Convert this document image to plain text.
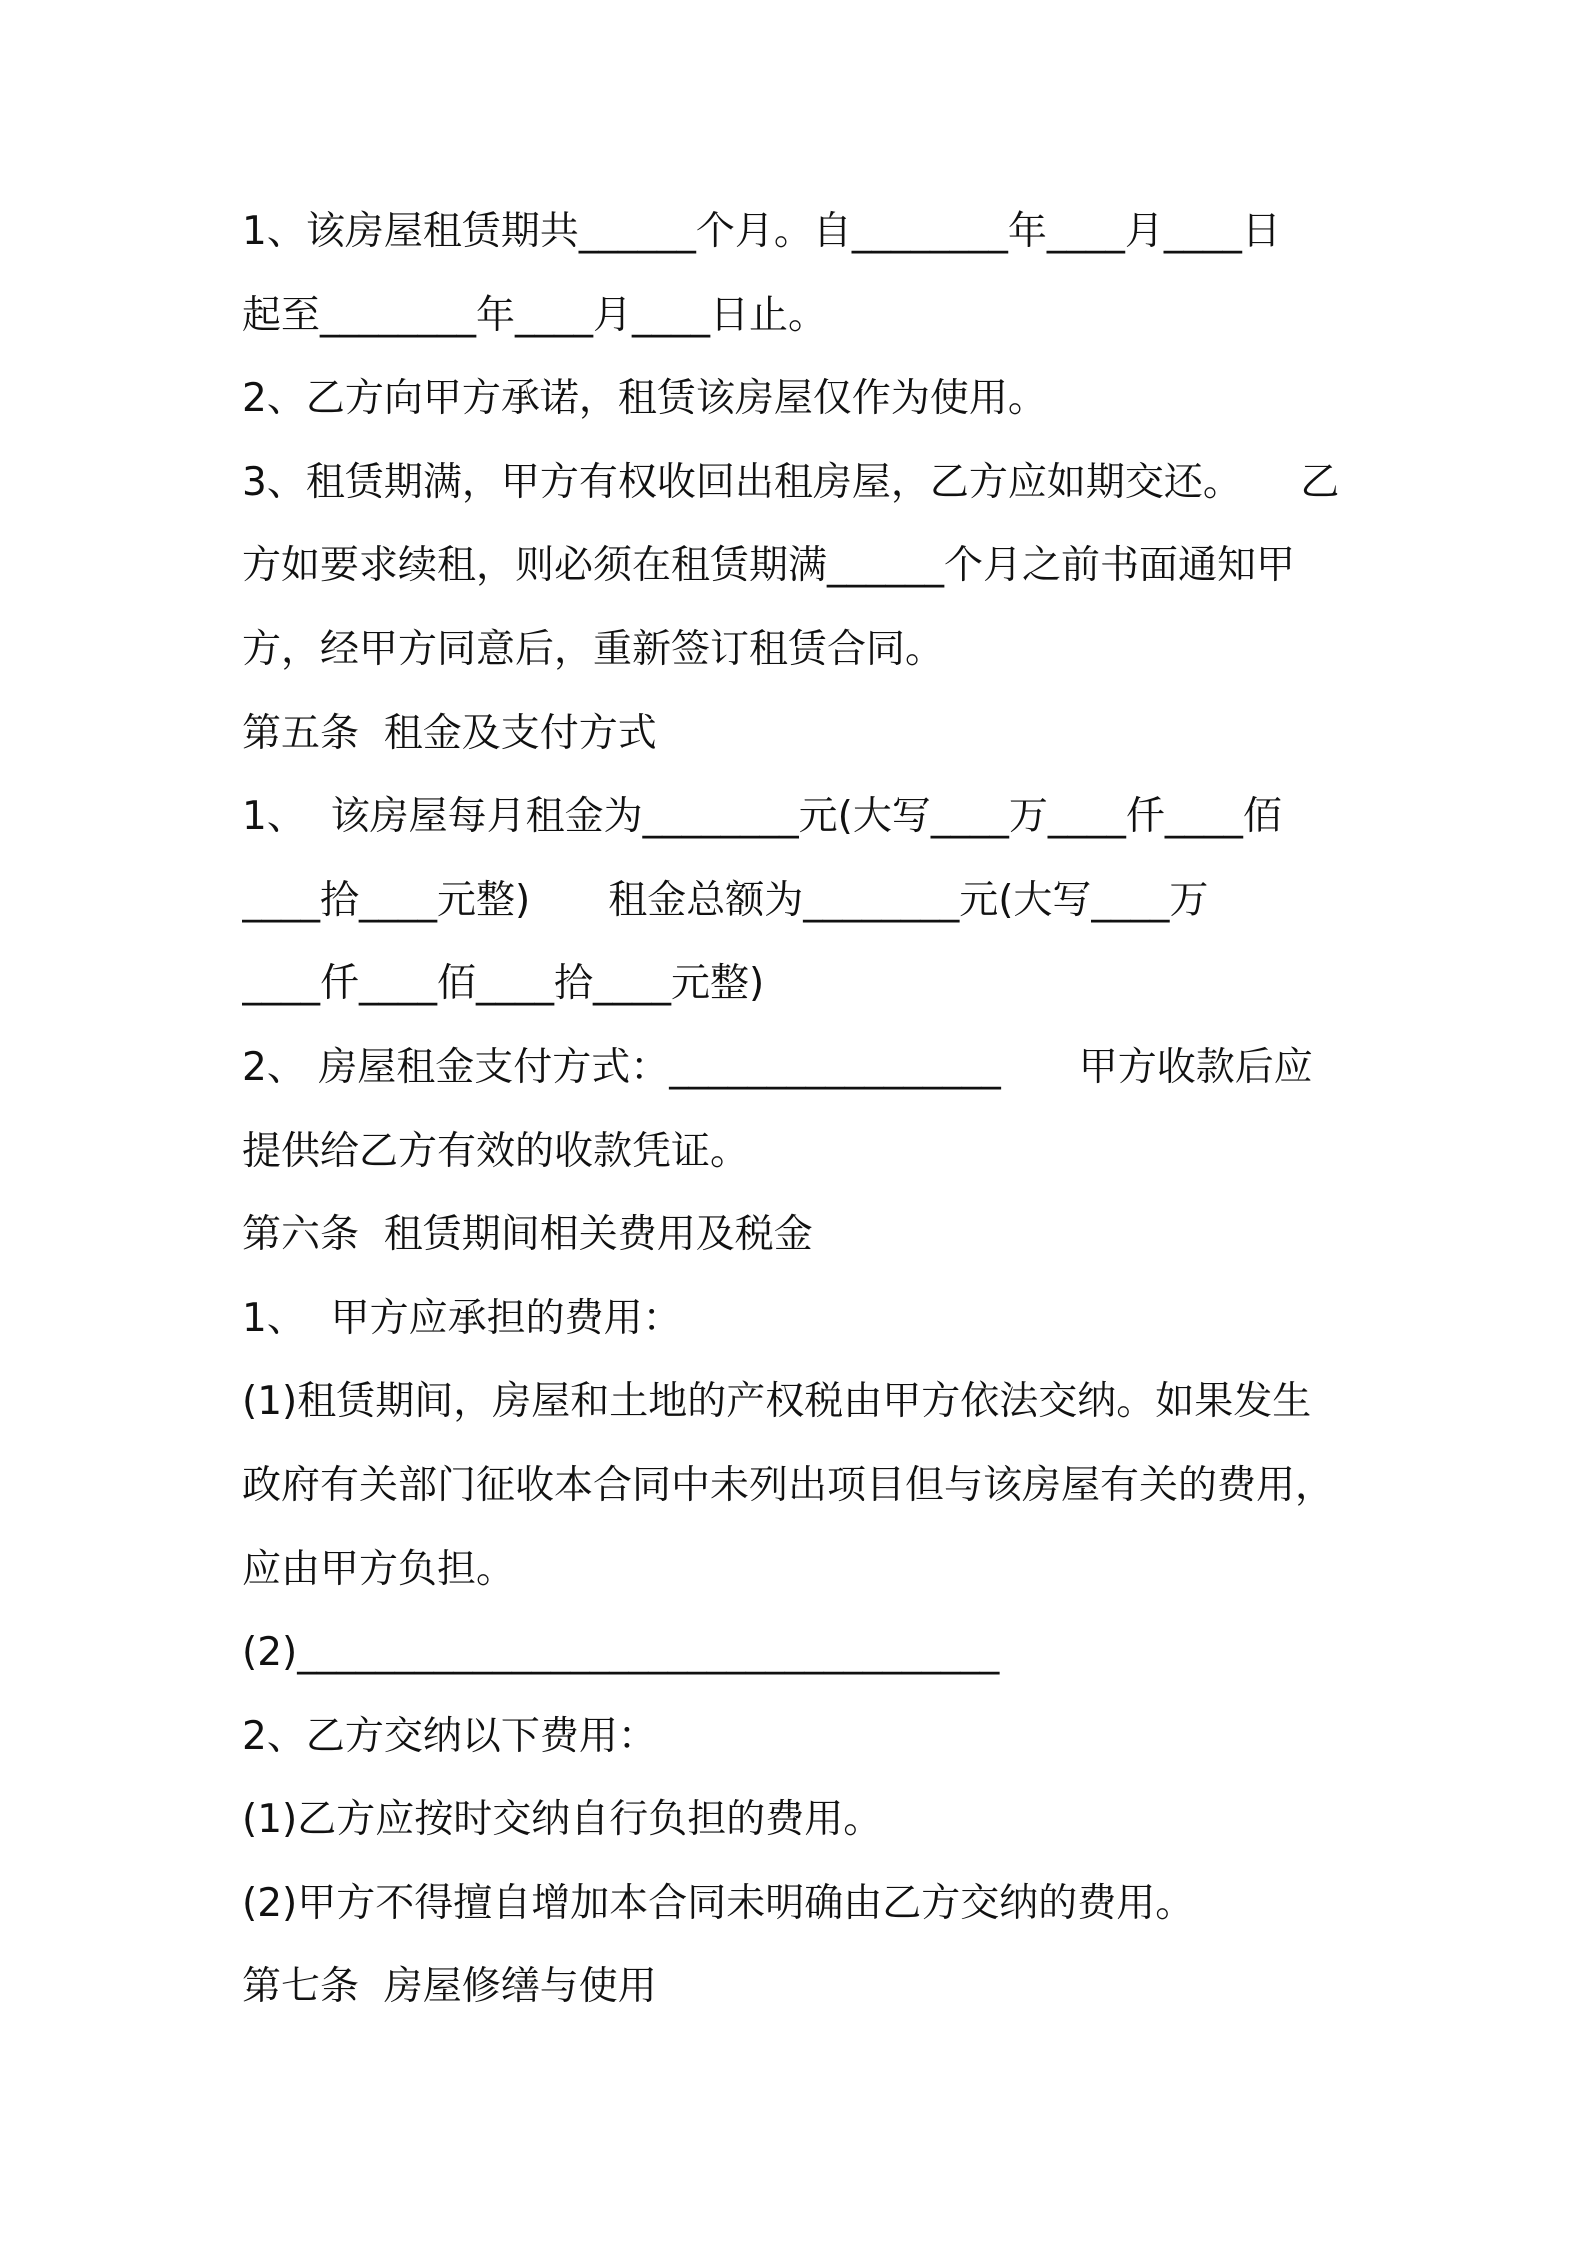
1、该房屋租赁期共______个月。自________年____月____日
起至________年____月____日止。
2、乙方向甲方承诺，租赁该房屋仅作为使用。
3、租赁期满，甲方有权收回出租房屋，乙方应如期交还。　　乙
方如要求续租，则必须在租赁期满______个月之前书面通知甲
方，经甲方同意后，重新签订租赁合同。
第五条  租金及支付方式
1、  该房屋每月租金为________元(大写____万____仟____佰
____拾____元整)　　租金总额为________元(大写____万
____仟____佰____拾____元整)
2、 房屋租金支付方式：_________________　　甲方收款后应
提供给乙方有效的收款凭证。
第六条  租赁期间相关费用及税金
1、  甲方应承担的费用：
(1)租赁期间，房屋和土地的产权税由甲方依法交纳。如果发生
政府有关部门征收本合同中未列出项目但与该房屋有关的费用，
应由甲方负担。
(2)____________________________________
2、乙方交纳以下费用：
(1)乙方应按时交纳自行负担的费用。
(2)甲方不得擅自增加本合同未明确由乙方交纳的费用。
第七条  房屋修缮与使用
